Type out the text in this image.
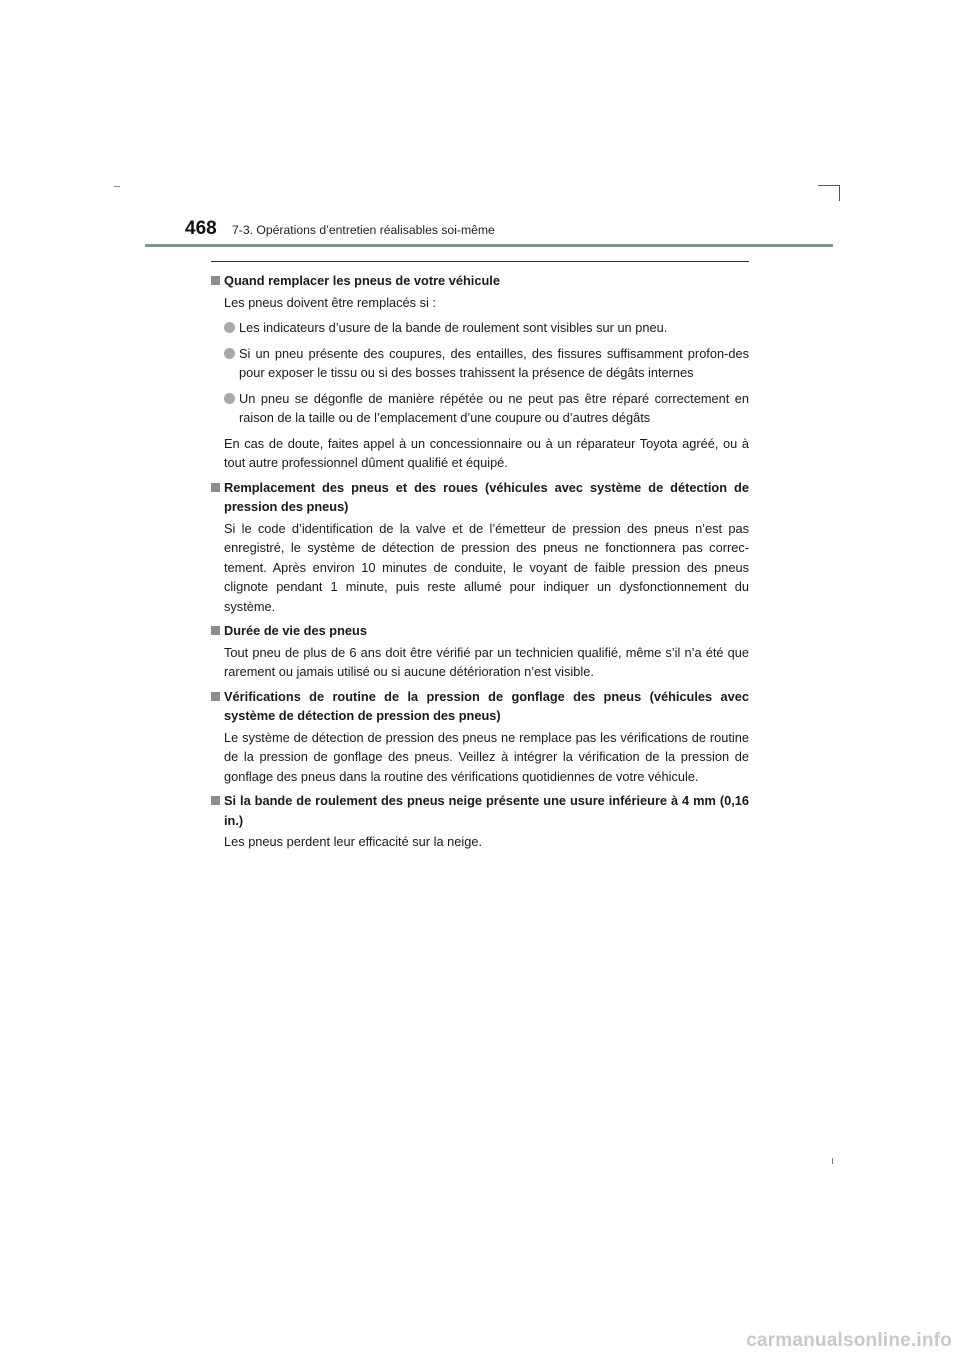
468 7-3. Opérations d’entretien réalisables soi-même
Quand remplacer les pneus de votre véhicule
Les pneus doivent être remplacés si :
Les indicateurs d’usure de la bande de roulement sont visibles sur un pneu.
Si un pneu présente des coupures, des entailles, des fissures suffisamment profon-des pour exposer le tissu ou si des bosses trahissent la présence de dégâts internes
Un pneu se dégonfle de manière répétée ou ne peut pas être réparé correctement en raison de la taille ou de l’emplacement d’une coupure ou d’autres dégâts
En cas de doute, faites appel à un concessionnaire ou à un réparateur Toyota agréé, ou à tout autre professionnel dûment qualifié et équipé.
Remplacement des pneus et des roues (véhicules avec système de détection de pression des pneus)
Si le code d’identification de la valve et de l’émetteur de pression des pneus n’est pas enregistré, le système de détection de pression des pneus ne fonctionnera pas correc-tement. Après environ 10 minutes de conduite, le voyant de faible pression des pneus clignote pendant 1 minute, puis reste allumé pour indiquer un dysfonctionnement du système.
Durée de vie des pneus
Tout pneu de plus de 6 ans doit être vérifié par un technicien qualifié, même s’il n’a été que rarement ou jamais utilisé ou si aucune détérioration n’est visible.
Vérifications de routine de la pression de gonflage des pneus (véhicules avec système de détection de pression des pneus)
Le système de détection de pression des pneus ne remplace pas les vérifications de routine de la pression de gonflage des pneus. Veillez à intégrer la vérification de la pression de gonflage des pneus dans la routine des vérifications quotidiennes de votre véhicule.
Si la bande de roulement des pneus neige présente une usure inférieure à 4 mm (0,16 in.)
Les pneus perdent leur efficacité sur la neige.
carmanualsonline.info
